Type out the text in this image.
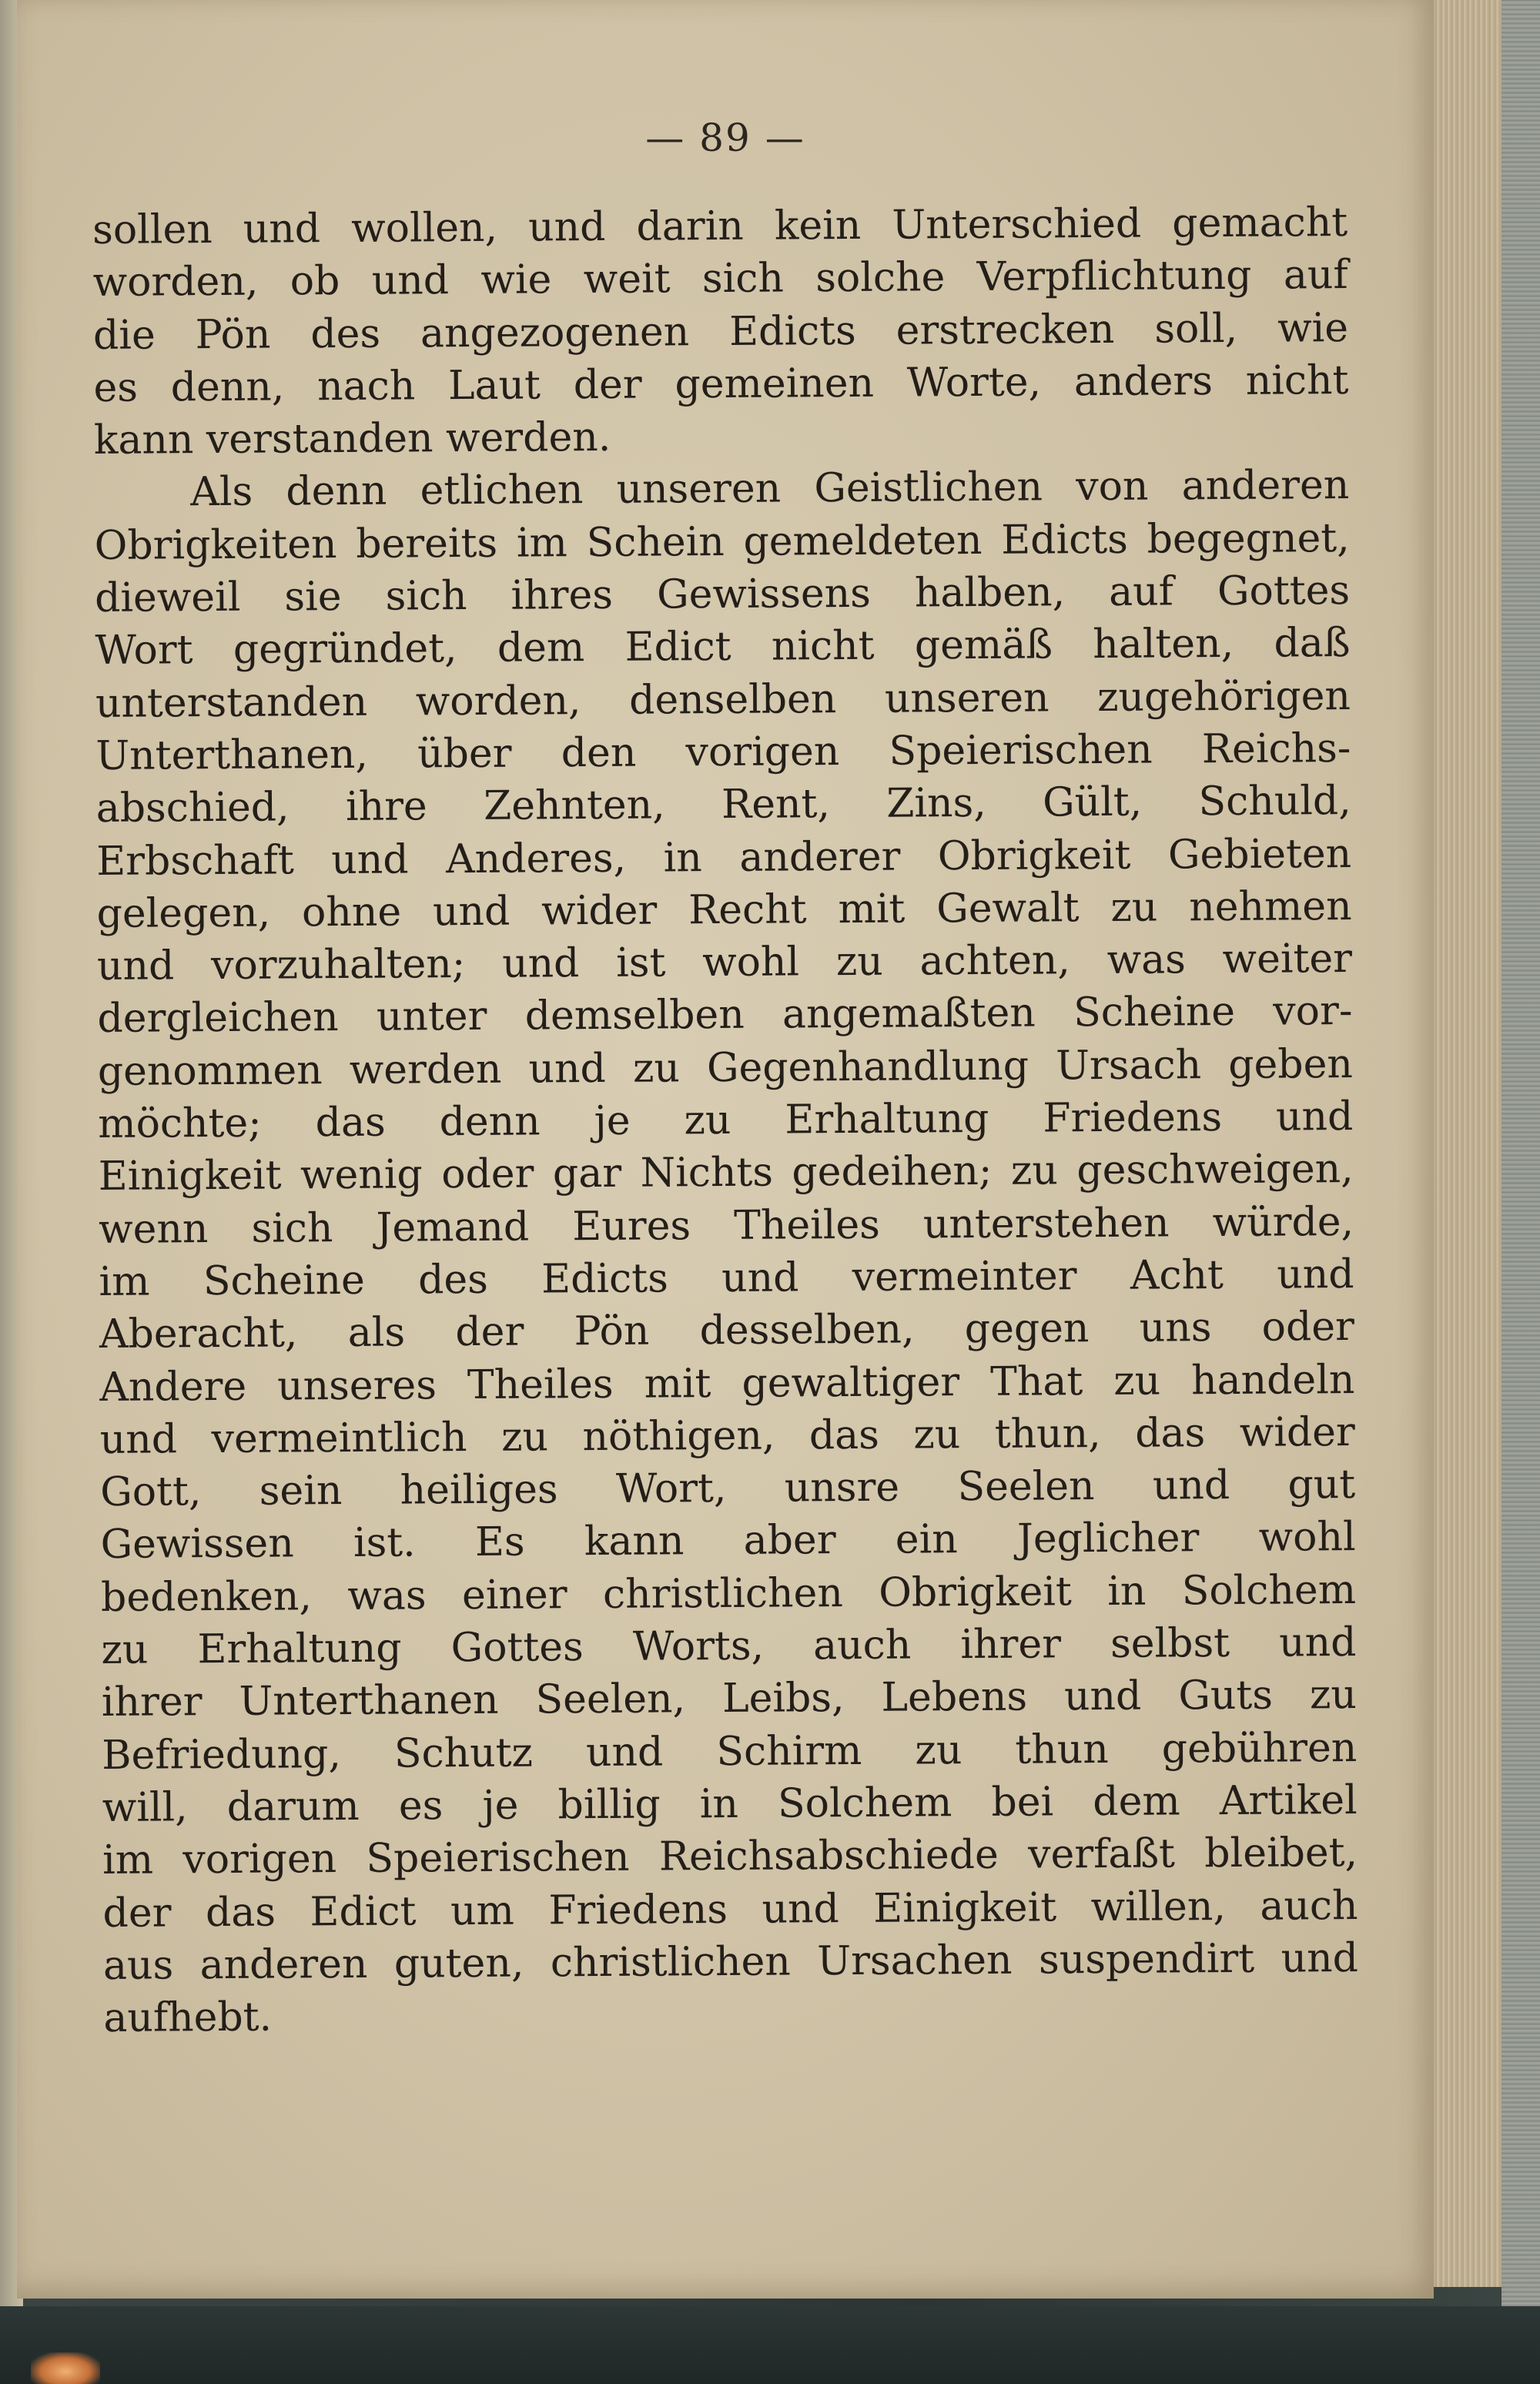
— 89 —
sollen und wollen, und darin kein Unterschied gemacht
worden, ob und wie weit sich solche Verpflichtung auf
die Pön des angezogenen Edicts erstrecken soll, wie
es denn, nach Laut der gemeinen Worte, anders nicht
kann verstanden werden.
Als denn etlichen unseren Geistlichen von anderen
Obrigkeiten bereits im Schein gemeldeten Edicts begegnet,
dieweil sie sich ihres Gewissens halben, auf Gottes
Wort gegründet, dem Edict nicht gemäß halten, daß
unterstanden worden, denselben unseren zugehörigen
Unterthanen, über den vorigen Speierischen Reichs-
abschied, ihre Zehnten, Rent, Zins, Gült, Schuld,
Erbschaft und Anderes, in anderer Obrigkeit Gebieten
gelegen, ohne und wider Recht mit Gewalt zu nehmen
und vorzuhalten; und ist wohl zu achten, was weiter
dergleichen unter demselben angemaßten Scheine vor-
genommen werden und zu Gegenhandlung Ursach geben
möchte; das denn je zu Erhaltung Friedens und
Einigkeit wenig oder gar Nichts gedeihen; zu geschweigen,
wenn sich Jemand Eures Theiles unterstehen würde,
im Scheine des Edicts und vermeinter Acht und
Aberacht, als der Pön desselben, gegen uns oder
Andere unseres Theiles mit gewaltiger That zu handeln
und vermeintlich zu nöthigen, das zu thun, das wider
Gott, sein heiliges Wort, unsre Seelen und gut
Gewissen ist. Es kann aber ein Jeglicher wohl
bedenken, was einer christlichen Obrigkeit in Solchem
zu Erhaltung Gottes Worts, auch ihrer selbst und
ihrer Unterthanen Seelen, Leibs, Lebens und Guts zu
Befriedung, Schutz und Schirm zu thun gebühren
will, darum es je billig in Solchem bei dem Artikel
im vorigen Speierischen Reichsabschiede verfaßt bleibet,
der das Edict um Friedens und Einigkeit willen, auch
aus anderen guten, christlichen Ursachen suspendirt und
aufhebt.
